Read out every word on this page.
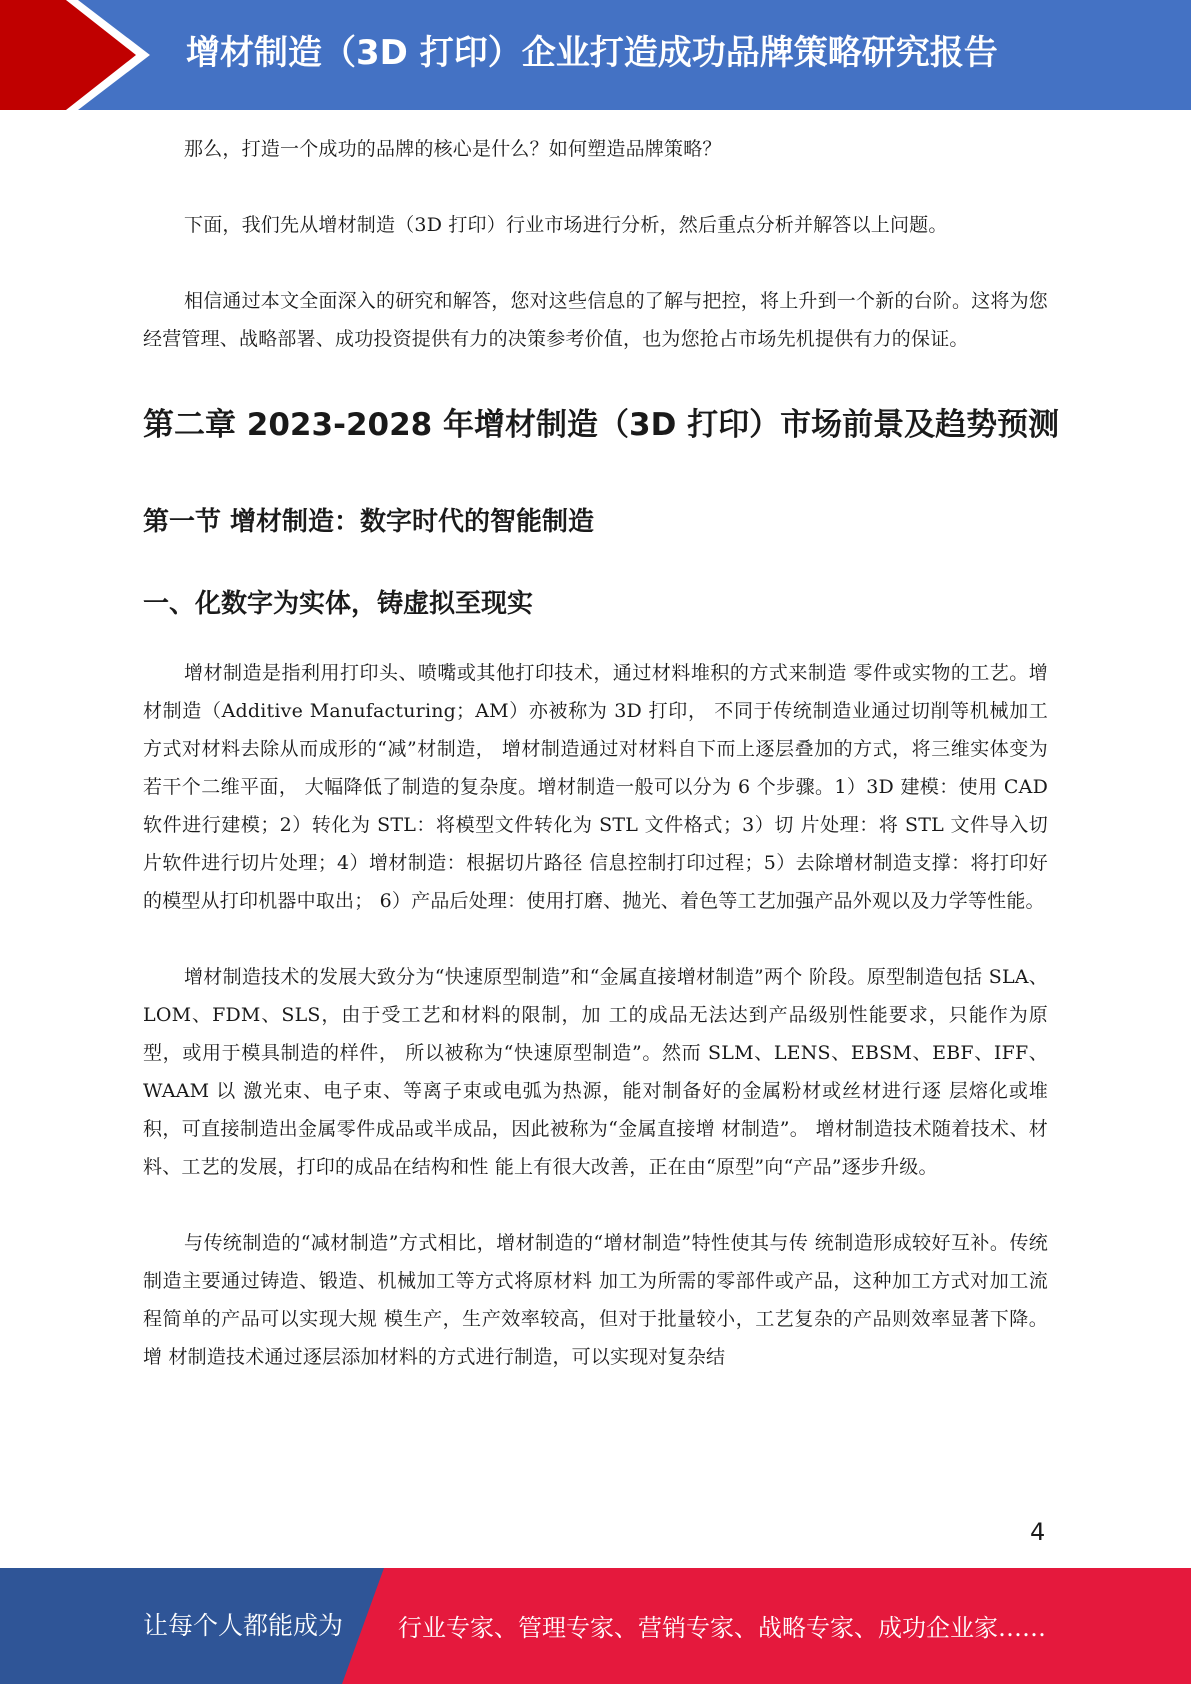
增材制造（3D 打印）企业打造成功品牌策略研究报告

那么，打造一个成功的品牌的核心是什么？如何塑造品牌策略？

下面，我们先从增材制造（3D 打印）行业市场进行分析，然后重点分析并解答以上问题。

相信通过本文全面深入的研究和解答，您对这些信息的了解与把控，将上升到一个新的台阶。这将为您经营管理、战略部署、成功投资提供有力的决策参考价值，也为您抢占市场先机提供有力的保证。

第二章 2023-2028 年增材制造（3D 打印）市场前景及趋势预测
第一节 增材制造：数字时代的智能制造
一、化数字为实体，铸虚拟至现实

增材制造是指利用打印头、喷嘴或其他打印技术，通过材料堆积的方式来制造 零件或实物的工艺。增材制造（Additive Manufacturing；AM）亦被称为 3D 打印， 不同于传统制造业通过切削等机械加工方式对材料去除从而成形的“减”材制造， 增材制造通过对材料自下而上逐层叠加的方式，将三维实体变为若干个二维平面， 大幅降低了制造的复杂度。增材制造一般可以分为 6 个步骤。1）3D 建模：使用 CAD 软件进行建模；2）转化为 STL：将模型文件转化为 STL 文件格式；3）切 片处理：将 STL 文件导入切片软件进行切片处理；4）增材制造：根据切片路径 信息控制打印过程；5）去除增材制造支撑：将打印好的模型从打印机器中取出； 6）产品后处理：使用打磨、抛光、着色等工艺加强产品外观以及力学等性能。

增材制造技术的发展大致分为“快速原型制造”和“金属直接增材制造”两个 阶段。原型制造包括 SLA、LOM、FDM、SLS，由于受工艺和材料的限制，加 工的成品无法达到产品级别性能要求，只能作为原型，或用于模具制造的样件， 所以被称为“快速原型制造”。然而 SLM、LENS、EBSM、EBF、IFF、WAAM 以 激光束、电子束、等离子束或电弧为热源，能对制备好的金属粉材或丝材进行逐 层熔化或堆积，可直接制造出金属零件成品或半成品，因此被称为“金属直接增 材制造”。 增材制造技术随着技术、材料、工艺的发展，打印的成品在结构和性 能上有很大改善，正在由“原型”向“产品”逐步升级。

与传统制造的“减材制造”方式相比，增材制造的“增材制造”特性使其与传 统制造形成较好互补。传统制造主要通过铸造、锻造、机械加工等方式将原材料 加工为所需的零部件或产品，这种加工方式对加工流程简单的产品可以实现大规 模生产，生产效率较高，但对于批量较小，工艺复杂的产品则效率显著下降。增 材制造技术通过逐层添加材料的方式进行制造，可以实现对复杂结

4
让每个人都能成为 行业专家、管理专家、营销专家、战略专家、成功企业家……
